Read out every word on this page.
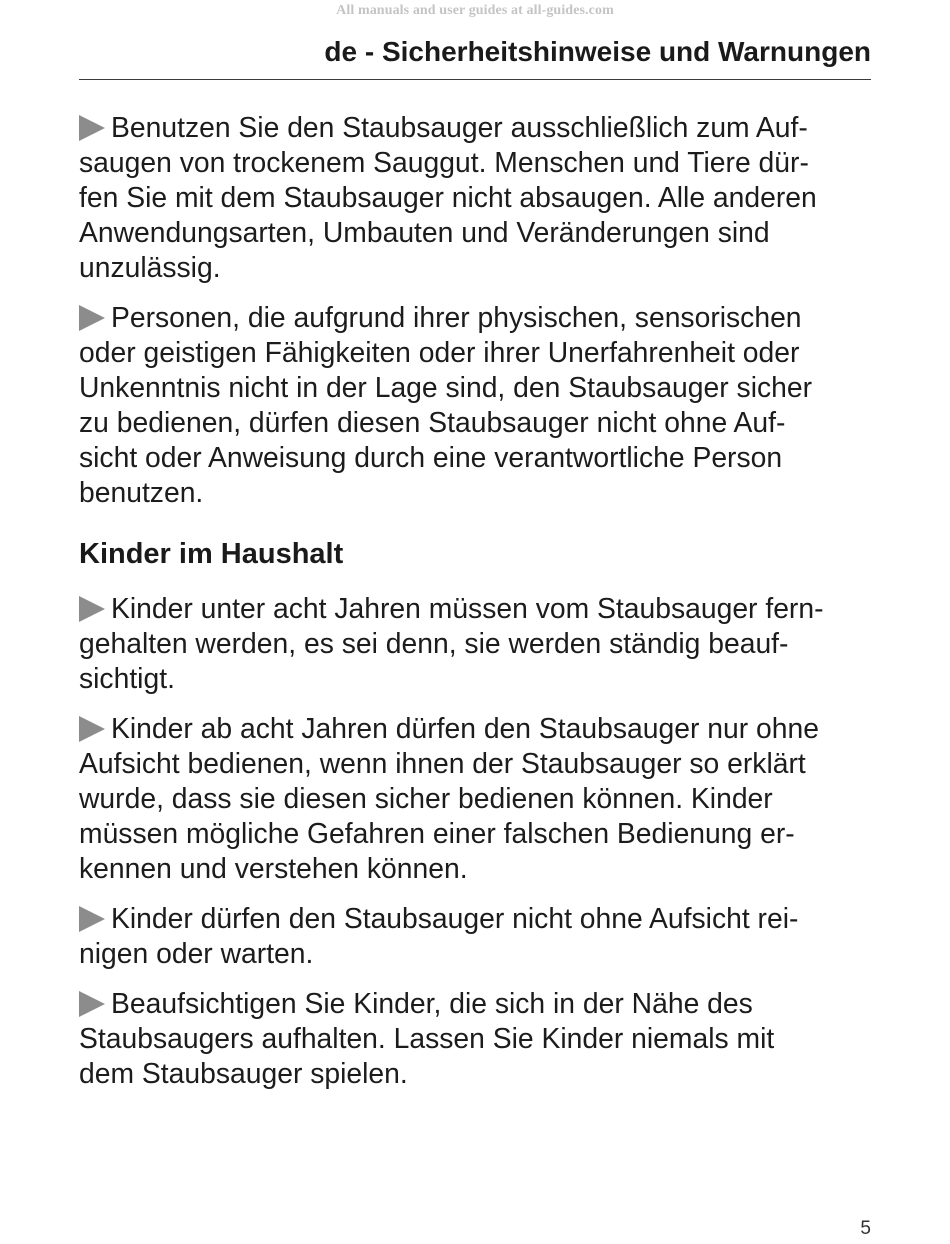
All manuals and user guides at all-guides.com
de - Sicherheitshinweise und Warnungen
Benutzen Sie den Staubsauger ausschließlich zum Auf-
saugen von trockenem Sauggut. Menschen und Tiere dür-
fen Sie mit dem Staubsauger nicht absaugen. Alle anderen
Anwendungsarten, Umbauten und Veränderungen sind
unzulässig.
Personen, die aufgrund ihrer physischen, sensorischen
oder geistigen Fähigkeiten oder ihrer Unerfahrenheit oder
Unkenntnis nicht in der Lage sind, den Staubsauger sicher
zu bedienen, dürfen diesen Staubsauger nicht ohne Auf-
sicht oder Anweisung durch eine verantwortliche Person
benutzen.
Kinder im Haushalt
Kinder unter acht Jahren müssen vom Staubsauger fern-
gehalten werden, es sei denn, sie werden ständig beauf-
sichtigt.
Kinder ab acht Jahren dürfen den Staubsauger nur ohne
Aufsicht bedienen, wenn ihnen der Staubsauger so erklärt
wurde, dass sie diesen sicher bedienen können. Kinder
müssen mögliche Gefahren einer falschen Bedienung er-
kennen und verstehen können.
Kinder dürfen den Staubsauger nicht ohne Aufsicht rei-
nigen oder warten.
Beaufsichtigen Sie Kinder, die sich in der Nähe des
Staubsaugers aufhalten. Lassen Sie Kinder niemals mit
dem Staubsauger spielen.
5
